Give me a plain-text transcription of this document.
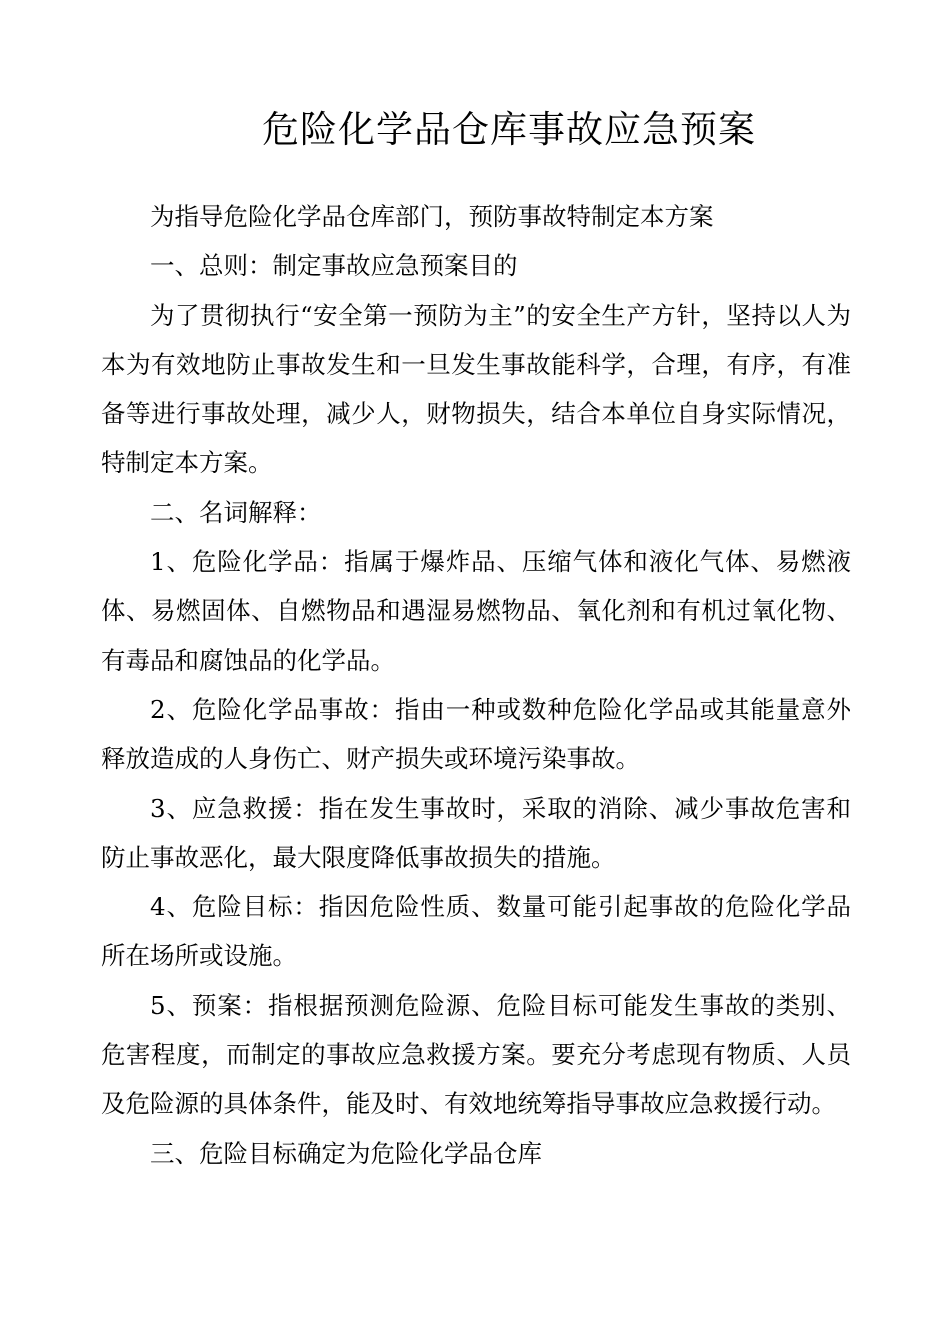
危险化学品仓库事故应急预案

为指导危险化学品仓库部门，预防事故特制定本方案

一、总则：制定事故应急预案目的

为了贯彻执行“安全第一预防为主”的安全生产方针，坚持以人为本为有效地防止事故发生和一旦发生事故能科学，合理，有序，有准备等进行事故处理，减少人，财物损失，结合本单位自身实际情况，特制定本方案。

二、名词解释：

1、危险化学品：指属于爆炸品、压缩气体和液化气体、易燃液体、易燃固体、自燃物品和遇湿易燃物品、氧化剂和有机过氧化物、有毒品和腐蚀品的化学品。

2、危险化学品事故：指由一种或数种危险化学品或其能量意外释放造成的人身伤亡、财产损失或环境污染事故。

3、应急救援：指在发生事故时，采取的消除、减少事故危害和防止事故恶化，最大限度降低事故损失的措施。

4、危险目标：指因危险性质、数量可能引起事故的危险化学品所在场所或设施。

5、预案：指根据预测危险源、危险目标可能发生事故的类别、危害程度，而制定的事故应急救援方案。要充分考虑现有物质、人员及危险源的具体条件，能及时、有效地统筹指导事故应急救援行动。

三、危险目标确定为危险化学品仓库
